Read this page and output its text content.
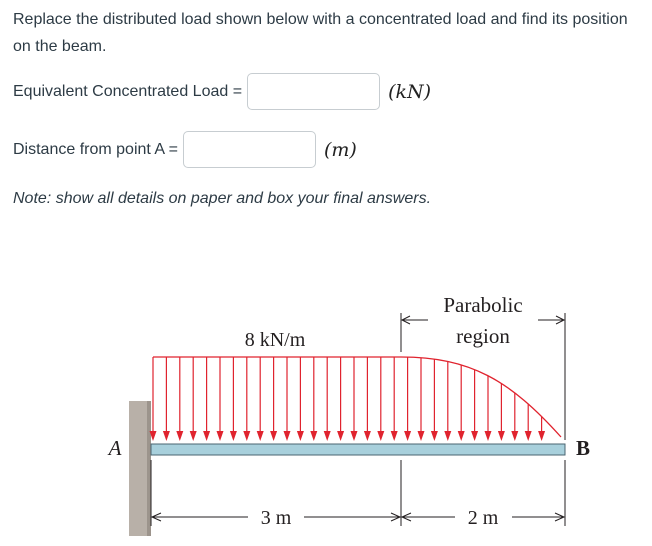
Replace the distributed load shown below with a concentrated load and find its position on the beam.

Equivalent Concentrated Load =	(kN)
Distance from point A =	(m)

Note: show all details on paper and box your final answers.

8 kN/m
Parabolic
region
A	B
3 m	2 m
